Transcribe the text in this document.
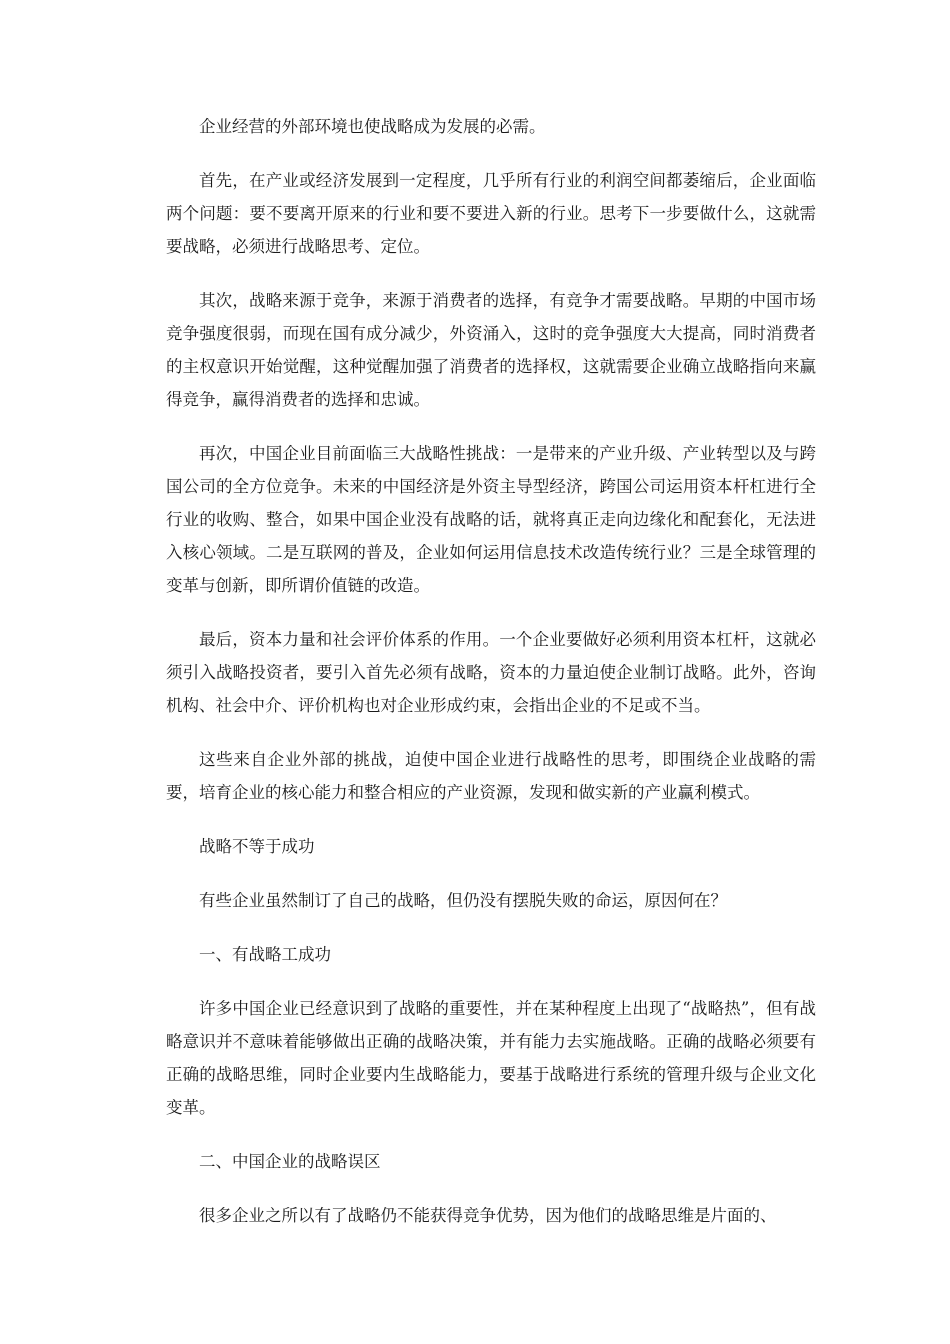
企业经营的外部环境也使战略成为发展的必需。

首先，在产业或经济发展到一定程度，几乎所有行业的利润空间都萎缩后，企业面临两个问题：要不要离开原来的行业和要不要进入新的行业。思考下一步要做什么，这就需要战略，必须进行战略思考、定位。

其次，战略来源于竞争，来源于消费者的选择，有竞争才需要战略。早期的中国市场竞争强度很弱，而现在国有成分减少，外资涌入，这时的竞争强度大大提高，同时消费者的主权意识开始觉醒，这种觉醒加强了消费者的选择权，这就需要企业确立战略指向来赢得竞争，赢得消费者的选择和忠诚。

再次，中国企业目前面临三大战略性挑战：一是带来的产业升级、产业转型以及与跨国公司的全方位竞争。未来的中国经济是外资主导型经济，跨国公司运用资本杆杠进行全行业的收购、整合，如果中国企业没有战略的话，就将真正走向边缘化和配套化，无法进入核心领域。二是互联网的普及，企业如何运用信息技术改造传统行业？三是全球管理的变革与创新，即所谓价值链的改造。

最后，资本力量和社会评价体系的作用。一个企业要做好必须利用资本杠杆，这就必须引入战略投资者，要引入首先必须有战略，资本的力量迫使企业制订战略。此外，咨询机构、社会中介、评价机构也对企业形成约束，会指出企业的不足或不当。

这些来自企业外部的挑战，迫使中国企业进行战略性的思考，即围绕企业战略的需要，培育企业的核心能力和整合相应的产业资源，发现和做实新的产业赢利模式。

战略不等于成功

有些企业虽然制订了自己的战略，但仍没有摆脱失败的命运，原因何在？

一、有战略工成功

许多中国企业已经意识到了战略的重要性，并在某种程度上出现了“战略热”，但有战略意识并不意味着能够做出正确的战略决策，并有能力去实施战略。正确的战略必须要有正确的战略思维，同时企业要内生战略能力，要基于战略进行系统的管理升级与企业文化变革。

二、中国企业的战略误区

很多企业之所以有了战略仍不能获得竞争优势，因为他们的战略思维是片面的、
